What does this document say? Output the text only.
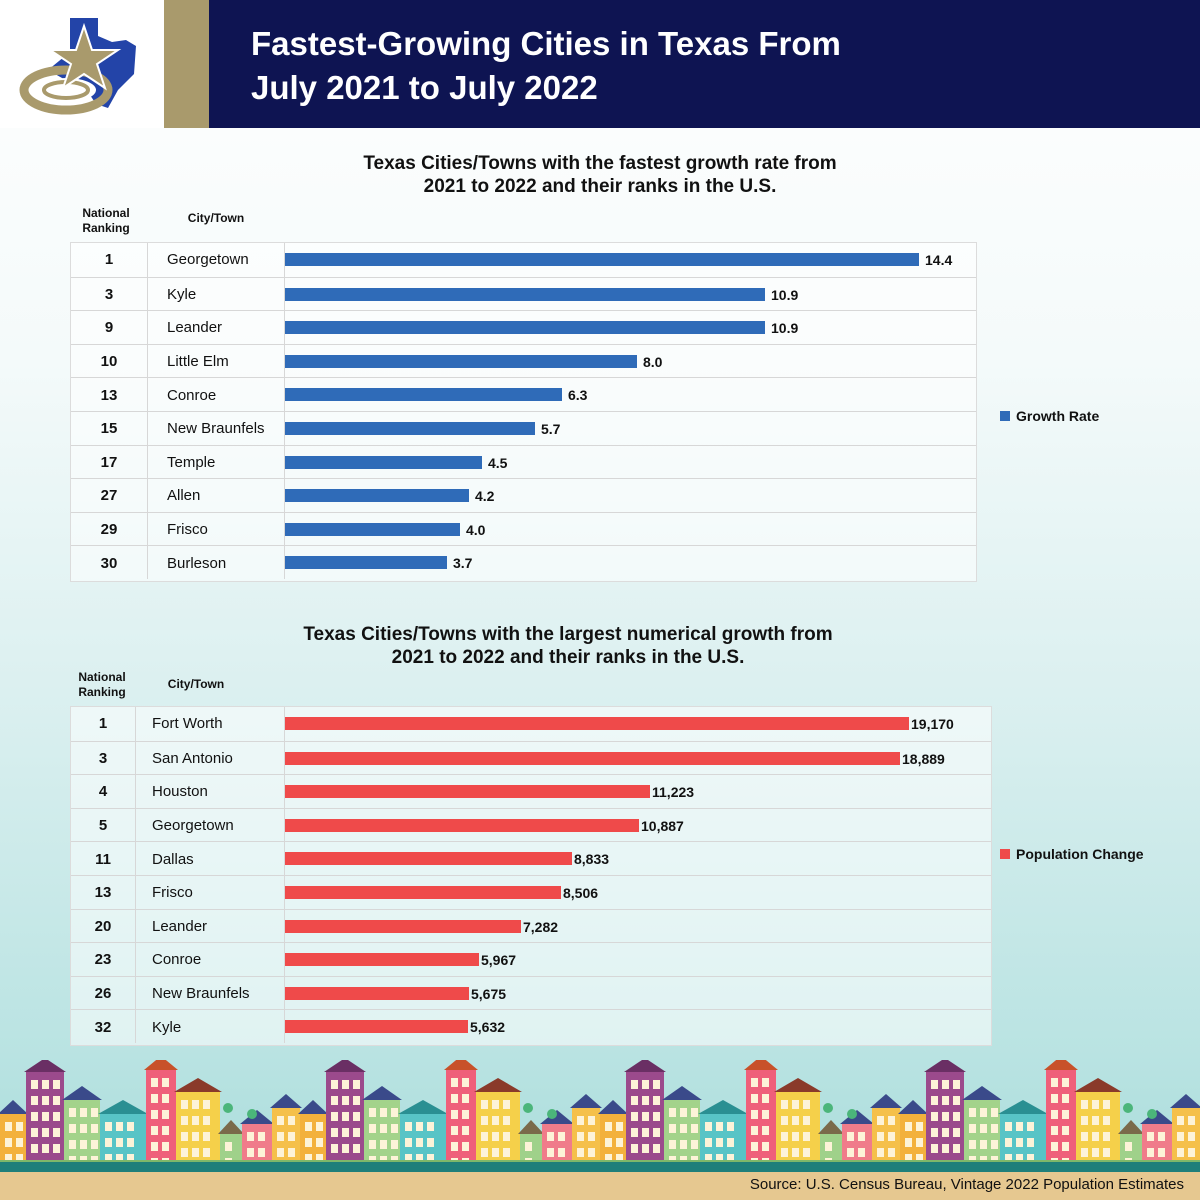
Fastest-Growing Cities in Texas From
July 2021 to July 2022
Texas Cities/Towns with the fastest growth rate from
2021 to 2022 and their ranks in the U.S.
National Ranking
City/Town
1	Georgetown	14.4
3	Kyle	10.9
9	Leander	10.9
10	Little Elm	8.0
13	Conroe	6.3
15	New Braunfels	5.7
17	Temple	4.5
27	Allen	4.2
29	Frisco	4.0
30	Burleson	3.7
Growth Rate
Texas Cities/Towns with the largest numerical growth from
2021 to 2022 and their ranks in the U.S.
National Ranking
City/Town
1	Fort Worth	19,170
3	San Antonio	18,889
4	Houston	11,223
5	Georgetown	10,887
11	Dallas	8,833
13	Frisco	8,506
20	Leander	7,282
23	Conroe	5,967
26	New Braunfels	5,675
32	Kyle	5,632
Population Change
Source: U.S. Census Bureau, Vintage 2022 Population Estimates
